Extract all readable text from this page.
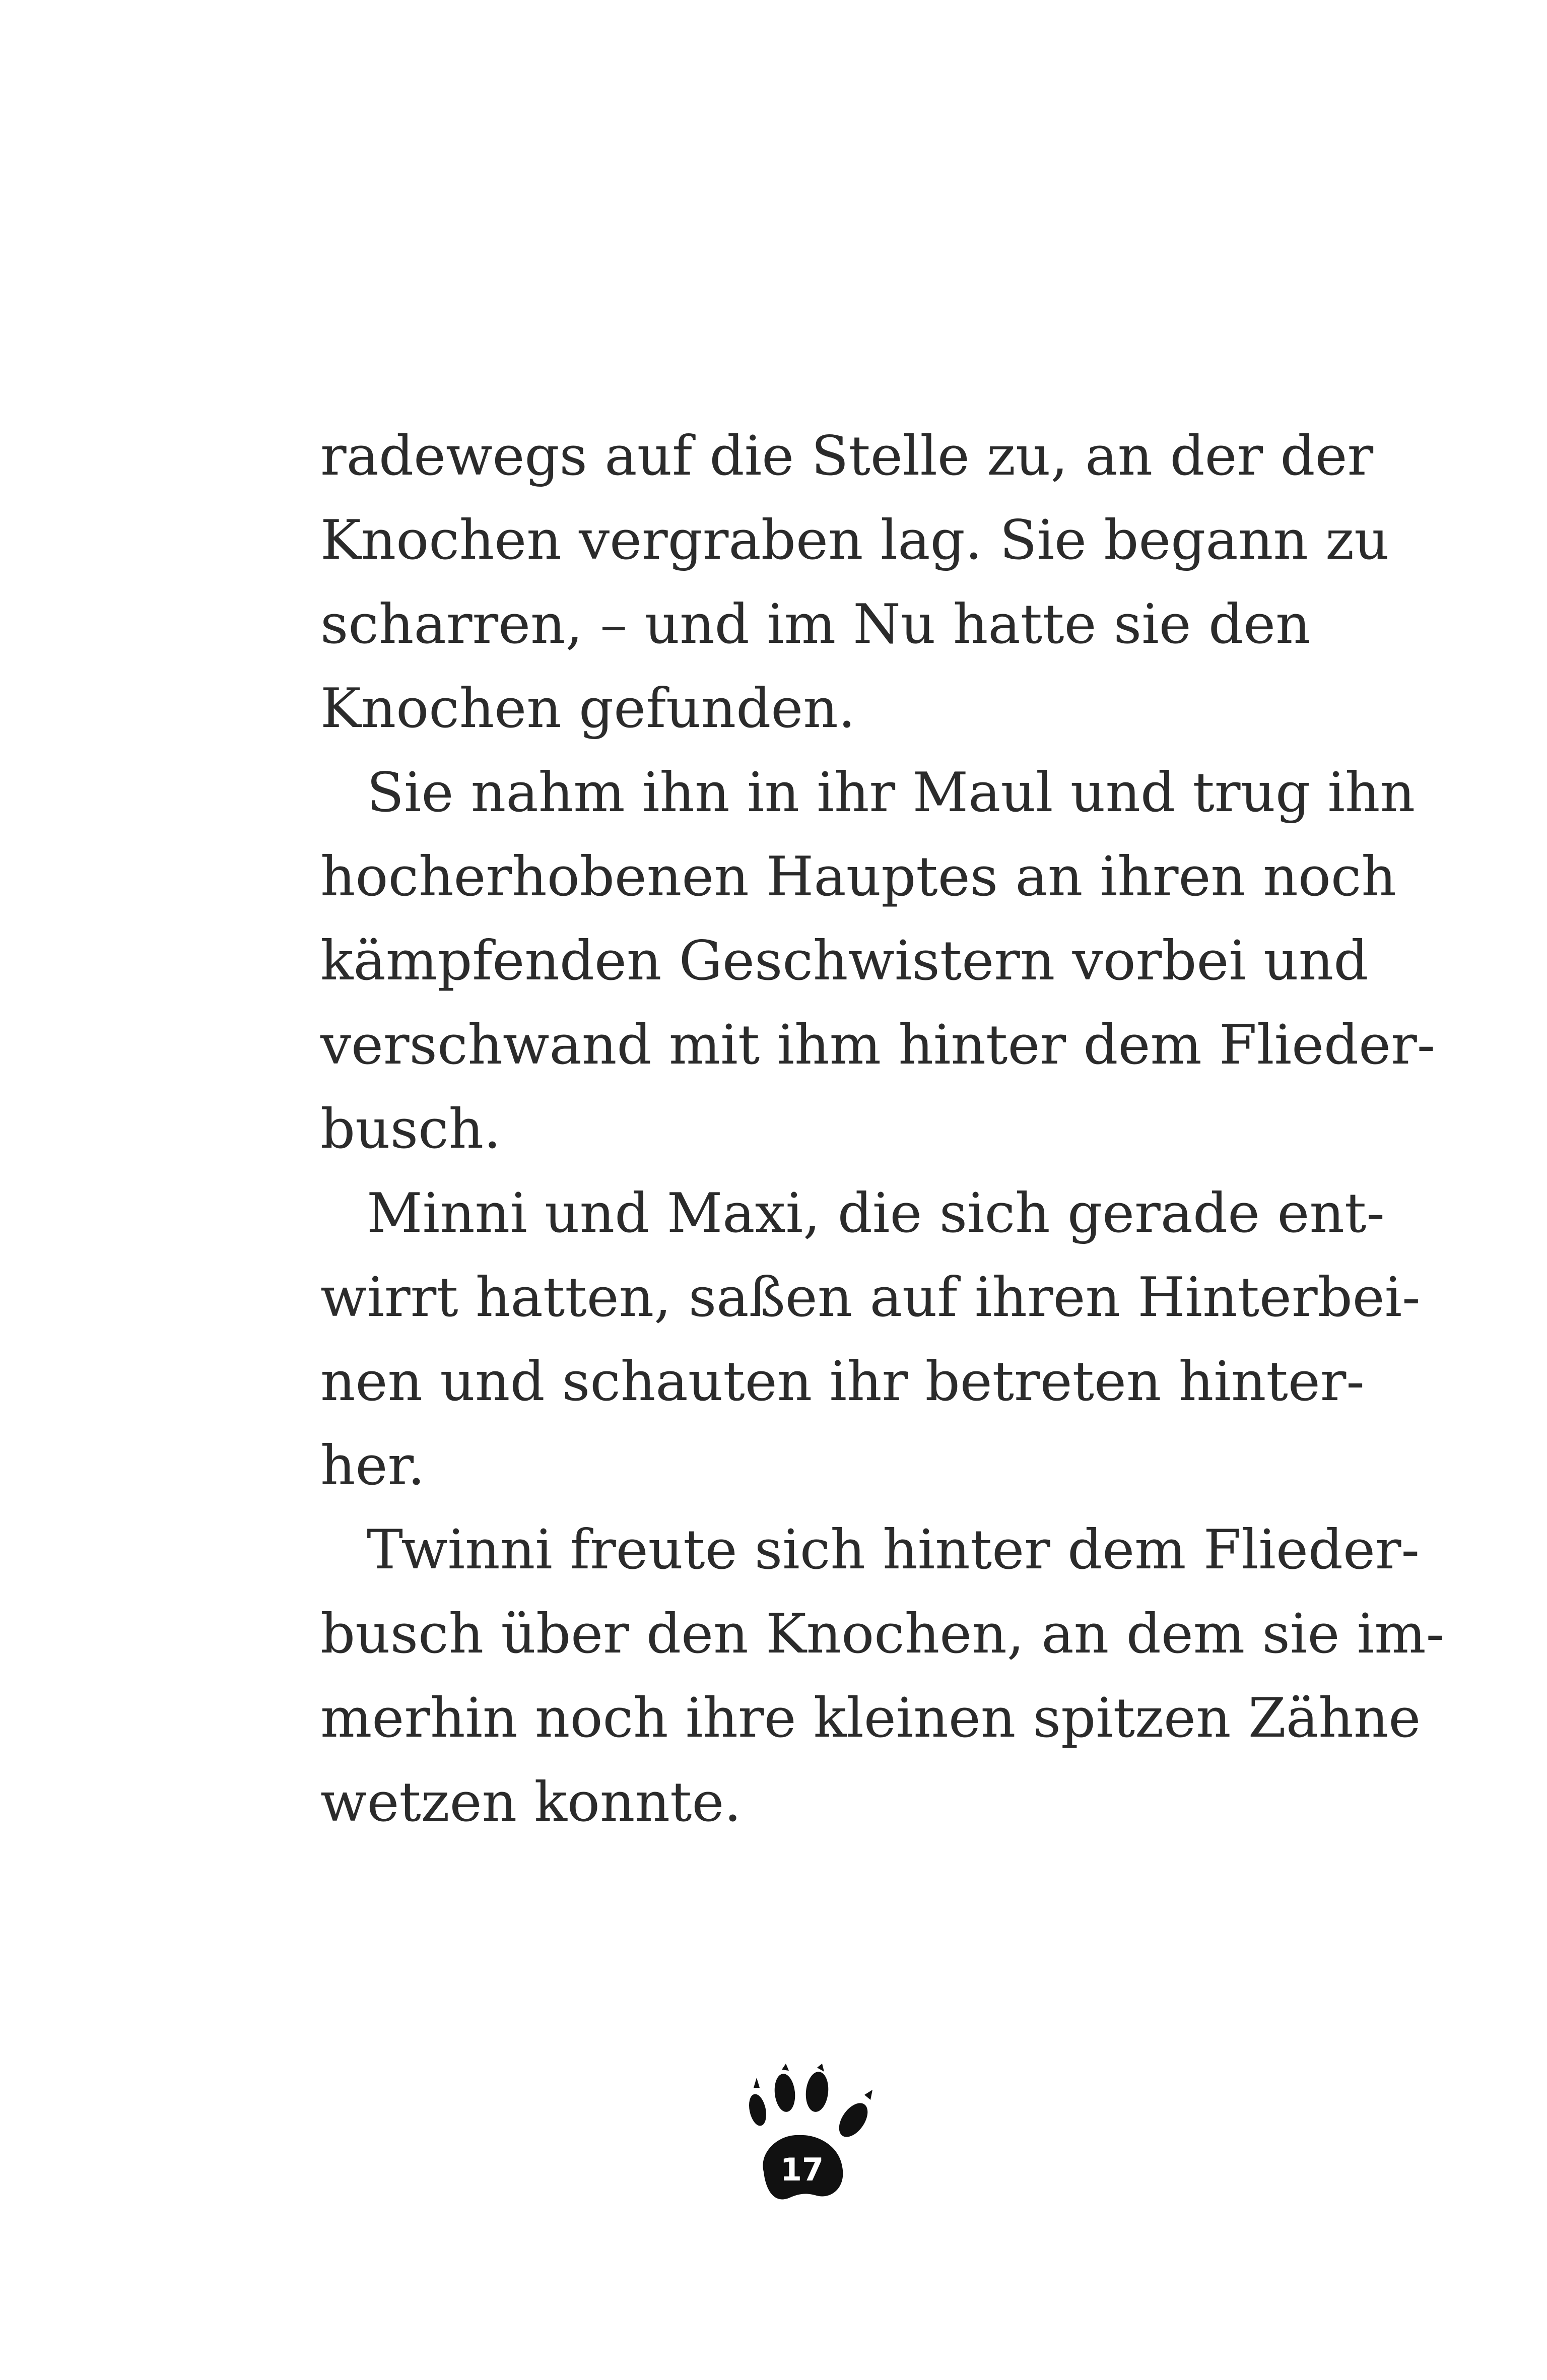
radewegs auf die Stelle zu, an der der
Knochen vergraben lag. Sie begann zu
scharren, – und im Nu hatte sie den
Knochen gefunden.

Sie nahm ihn in ihr Maul und trug ihn
hocherhobenen Hauptes an ihren noch
kämpfenden Geschwistern vorbei und
verschwand mit ihm hinter dem Flieder-
busch.

Minni und Maxi, die sich gerade ent-
wirrt hatten, saßen auf ihren Hinterbei-
nen und schauten ihr betreten hinter-
her.

Twinni freute sich hinter dem Flieder-
busch über den Knochen, an dem sie im-
merhin noch ihre kleinen spitzen Zähne
wetzen konnte.

17
